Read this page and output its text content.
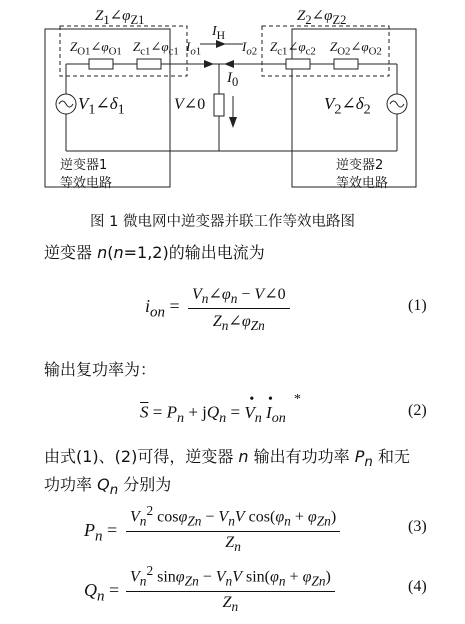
$Z_1\angle\varphi_{Z1}$	$Z_2\angle\varphi_{Z2}$
$Z_{O1}\angle\varphi_{O1}$ $Z_{c1}\angle\varphi_{c1}$ $I_{o1}$
$I_H$
$I_{o2}$ $Z_{c1}\angle\varphi_{c2}$ $Z_{O2}\angle\varphi_{O2}$
$I_0$
V∠0
$V_1\angle\delta_1$	$V_2\angle\delta_2$
逆变器1
等效电路
逆变器2
等效电路
图 1 微电网中逆变器并联工作等效电路图
逆变器 n(n=1,2)的输出电流为
$i_{on}$ =
$V_n\angle\varphi_n$ − V∠0
$Z_n\angle\varphi_{Zn}$
(1)
输出复功率为：
$\overline{S} = P_n + jQ_n$ =
•
$V_n$
•
$I_{on}^*$
(2)
由式(1)、(2)可得，逆变器 n 输出有功功率 $P_n$ 和无
功功率 $Q_n$ 分别为
$P_n$ =
$V_n^2$ $\cos\varphi_{Zn} - V_nV$ $\cos(\varphi_n + \varphi_{Zn})$
$Z_n$
(3)
$Q_n$ =
$V_n^2$ $\sin\varphi_{Zn} - V_nV$ $\sin(\varphi_n + \varphi_{Zn})$
$Z_n$
(4)
